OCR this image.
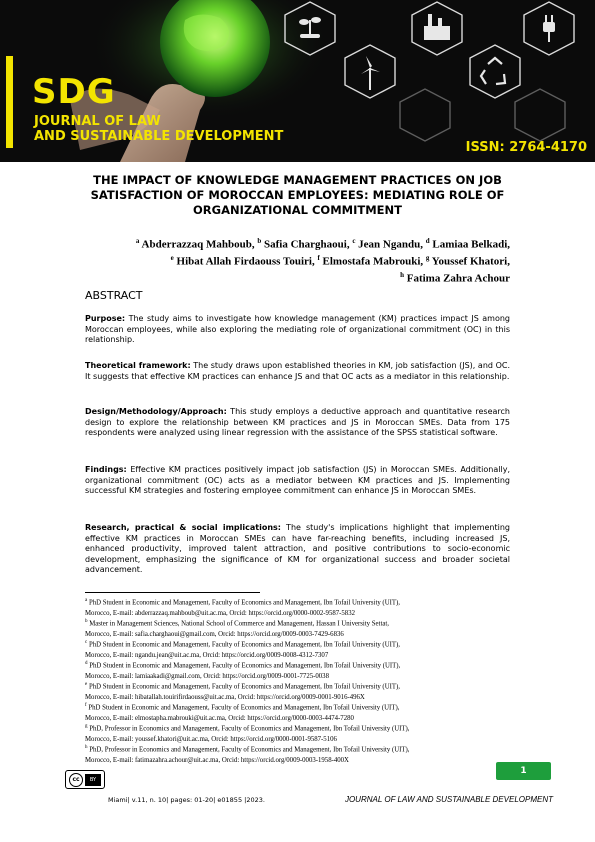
SDG
JOURNAL OF LAW
AND SUSTAINABLE DEVELOPMENT
ISSN: 2764-4170
THE IMPACT OF KNOWLEDGE MANAGEMENT PRACTICES ON JOB
SATISFACTION OF MOROCCAN EMPLOYEES: MEDIATING ROLE OF
ORGANIZATIONAL COMMITMENT
$^a$ Abderrazzaq Mahboub, $^b$ Safia Charghaoui, $^c$ Jean Ngandu, $^d$ Lamiaa Belkadi,
$^e$ Hibat Allah Firdaouss Touiri, $^f$ Elmostafa Mabrouki, $^g$ Youssef Khatori,
$^h$ Fatima Zahra Achour
ABSTRACT
Purpose: The study aims to investigate how knowledge management (KM) practices impact JS among Moroccan employees, while also exploring the mediating role of organizational commitment (OC) in this relationship.
Theoretical framework: The study draws upon established theories in KM, job satisfaction (JS), and OC. It suggests that effective KM practices can enhance JS and that OC acts as a mediator in this relationship.
Design/Methodology/Approach: This study employs a deductive approach and quantitative research design to explore the relationship between KM practices and JS in Moroccan SMEs. Data from 175 respondents were analyzed using linear regression with the assistance of the SPSS statistical software.
Findings: Effective KM practices positively impact job satisfaction (JS) in Moroccan SMEs. Additionally, organizational commitment (OC) acts as a mediator between KM practices and JS. Implementing successful KM strategies and fostering employee commitment can enhance JS in Moroccan SMEs.
Research, practical & social implications: The study's implications highlight that implementing effective KM practices in Moroccan SMEs can have far-reaching benefits, including increased JS, enhanced productivity, improved talent attraction, and positive contributions to socio-economic development, emphasizing the significance of KM for organizational success and broader societal advancement.
$^a$ PhD Student in Economic and Management, Faculty of Economics and Management, Ibn Tofail University (UIT),
Morocco, E-mail: abderrazzaq.mahboub@uit.ac.ma, Orcid: https://orcid.org/0000-0002-9587-5832
$^b$ Master in Management Sciences, National School of Commerce and Management, Hassan I University Settat,
Morocco, E-mail: safia.charghaoui@gmail.com, Orcid: https://orcid.org/0009-0003-7429-6836
$^c$ PhD Student in Economic and Management, Faculty of Economics and Management, Ibn Tofail University (UIT),
Morocco, E-mail: ngandu.jean@uit.ac.ma, Orcid: https://orcid.org/0009-0008-4312-7307
$^d$ PhD Student in Economic and Management, Faculty of Economics and Management, Ibn Tofail University (UIT),
Morocco, E-mail: lamiaakadi@gmail.com, Orcid: https://orcid.org/0009-0001-7725-0038
$^e$ PhD Student in Economic and Management, Faculty of Economics and Management, Ibn Tofail University (UIT),
Morocco, E-mail: hibatallah.touirifirdaouss@uit.ac.ma, Orcid: https://orcid.org/0009-0001-9016-496X
$^f$ PhD Student in Economic and Management, Faculty of Economics and Management, Ibn Tofail University (UIT),
Morocco, E-mail: elmostapha.mabrouki@uit.ac.ma, Orcid: https://orcid.org/0000-0003-4474-7280
$^g$ PhD, Professor in Economics and Management, Faculty of Economics and Management, Ibn Tofail University (UIT),
Morocco, E-mail: youssef.khatori@uit.ac.ma, Orcid: https://orcid.org/0000-0001-9587-5106
$^h$ PhD, Professor in Economics and Management, Faculty of Economics and Management, Ibn Tofail University (UIT),
Morocco, E-mail: fatimazahra.achour@uit.ac.ma, Orcid: https://orcid.org/0009-0003-1958-400X
cc	BY
1
Miami| v.11, n. 10| pages: 01-20| e01855 |2023.	JOURNAL OF LAW AND SUSTAINABLE DEVELOPMENT
